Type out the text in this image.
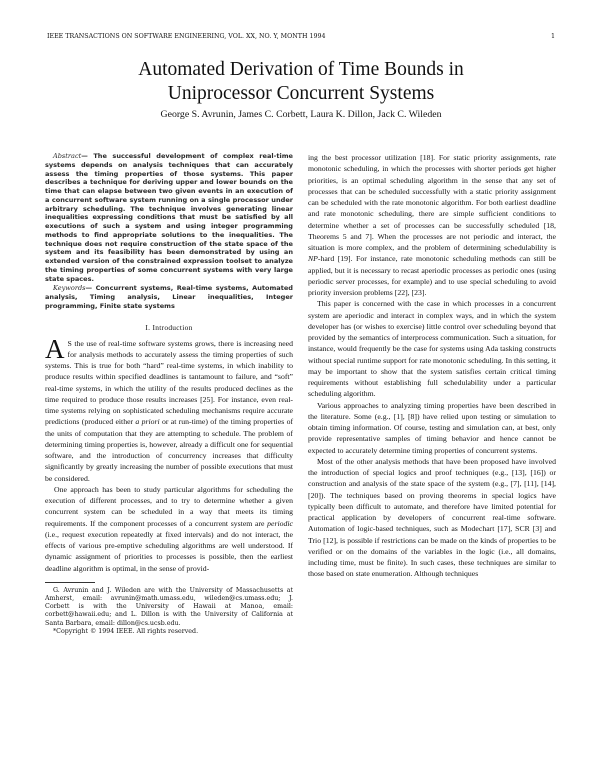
IEEE TRANSACTIONS ON SOFTWARE ENGINEERING, VOL. XX, NO. Y, MONTH 1994	1
Automated Derivation of Time Bounds in
Uniprocessor Concurrent Systems
George S. Avrunin, James C. Corbett, Laura K. Dillon, Jack C. Wileden

Abstract— The successful development of complex real-time systems depends on analysis techniques that can accurately assess the timing properties of those systems. This paper describes a technique for deriving upper and lower bounds on the time that can elapse between two given events in an execution of a concurrent software system running on a single processor under arbitrary scheduling. The technique involves generating linear inequalities expressing conditions that must be satisfied by all executions of such a system and using integer programming methods to find appropriate solutions to the inequalities. The technique does not require construction of the state space of the system and its feasibility has been demonstrated by using an extended version of the constrained expression toolset to analyze the timing properties of some concurrent systems with very large state spaces.

Keywords— Concurrent systems, Real-time systems, Automated analysis, Timing analysis, Linear inequalities, Integer programming, Finite state systems

I. Introduction

A S the use of real-time software systems grows, there is increasing need for analysis methods to accurately assess the timing properties of such systems. This is true for both “hard” real-time systems, in which inability to produce results within specified deadlines is tantamount to failure, and “soft” real-time systems, in which the utility of the results produced declines as the time required to produce those results increases [25]. For instance, even real-time systems relying on sophisticated scheduling mechanisms require accurate predictions (produced either a priori or at run-time) of the timing properties of the units of computation that they are attempting to schedule. The problem of determining timing properties is, however, already a difficult one for sequential software, and the introduction of concurrency increases that difficulty significantly by greatly increasing the number of possible executions that must be considered.

One approach has been to study particular algorithms for scheduling the execution of different processes, and to try to determine whether a given concurrent system can be scheduled in a way that meets its timing requirements. If the component processes of a concurrent system are periodic (i.e., request execution repeatedly at fixed intervals) and do not interact, the effects of various pre-emptive scheduling algorithms are well understood. If dynamic assignment of priorities to processes is possible, then the earliest deadline algorithm is optimal, in the sense of provid-

G. Avrunin and J. Wileden are with the University of Massachusetts at Amherst, email: avrunin@math.umass.edu, wileden@cs.umass.edu; J. Corbett is with the University of Hawaii at Manoa, email: corbett@hawaii.edu; and L. Dillon is with the University of California at Santa Barbara, email: dillon@cs.ucsb.edu.

*Copyright © 1994 IEEE. All rights reserved.

ing the best processor utilization [18]. For static priority assignments, rate monotonic scheduling, in which the processes with shorter periods get higher priorities, is an optimal scheduling algorithm in the sense that any set of processes that can be scheduled successfully with a static priority assignment can be scheduled with the rate monotonic algorithm. For both earliest deadline and rate monotonic scheduling, there are simple sufficient conditions to determine whether a set of processes can be successfully scheduled [18, Theorems 5 and 7]. When the processes are not periodic and interact, the situation is more complex, and the problem of determining schedulability is NP-hard [19]. For instance, rate monotonic scheduling methods can still be applied, but it is necessary to recast aperiodic processes as periodic ones (using periodic server processes, for example) and to use special scheduling to avoid priority inversion problems [22], [23].

This paper is concerned with the case in which processes in a concurrent system are aperiodic and interact in complex ways, and in which the system developer has (or wishes to exercise) little control over scheduling beyond that provided by the semantics of interprocess communication. Such a situation, for instance, would frequently be the case for systems using Ada tasking constructs without special runtime support for rate monotonic scheduling. In this setting, it may be important to show that the system satisfies certain critical timing requirements without establishing full schedulability under a particular scheduling algorithm.

Various approaches to analyzing timing properties have been described in the literature. Some (e.g., [1], [8]) have relied upon testing or simulation to obtain timing information. Of course, testing and simulation can, at best, only provide representative samples of timing behavior and hence cannot be expected to accurately determine timing properties of concurrent systems.

Most of the other analysis methods that have been proposed have involved the introduction of special logics and proof techniques (e.g., [13], [16]) or construction and analysis of the state space of the system (e.g., [7], [11], [14], [20]). The techniques based on proving theorems in special logics have typically been difficult to automate, and therefore have limited potential for practical application by developers of concurrent real-time software. Automation of logic-based techniques, such as Modechart [17], SCR [3] and Trio [12], is possible if restrictions can be made on the kinds of properties to be verified or on the domains of the variables in the logic (i.e., all domains, including time, must be finite). In such cases, these techniques are similar to those based on state enumeration. Although techniques
